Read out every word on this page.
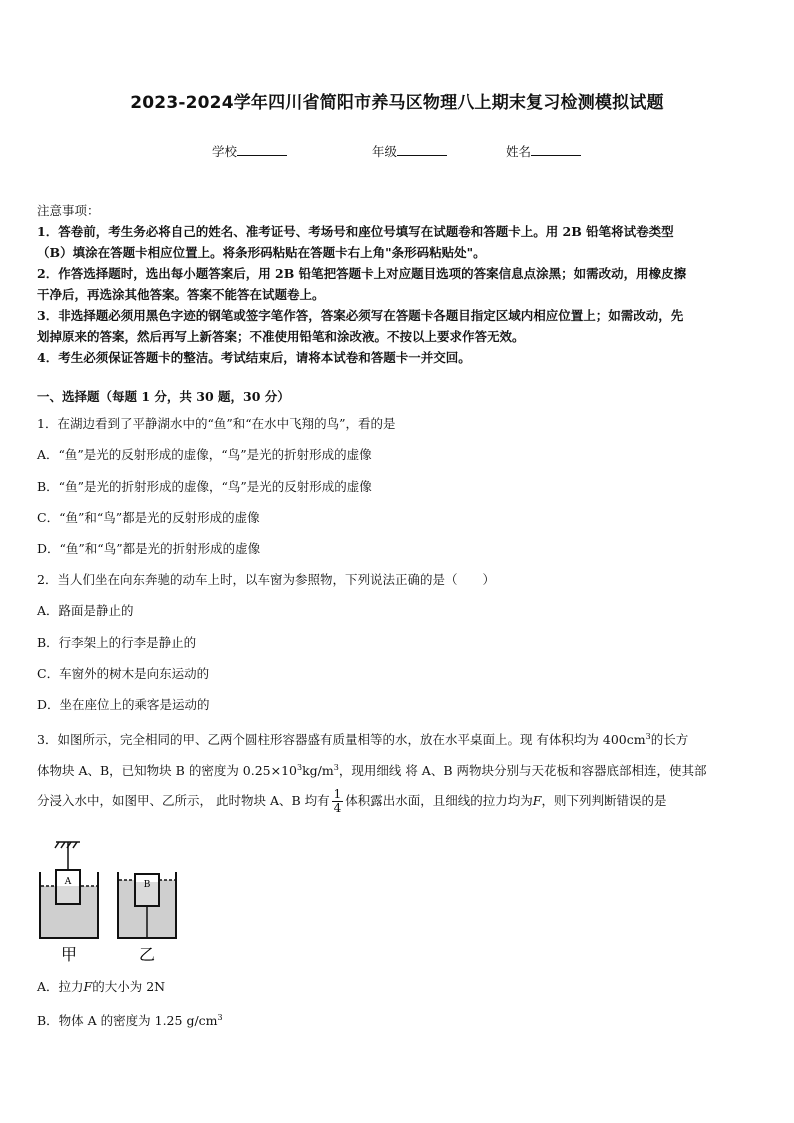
2023-2024学年四川省简阳市养马区物理八上期末复习检测模拟试题
学校	年级	姓名
注意事项：
1．答卷前，考生务必将自己的姓名、准考证号、考场号和座位号填写在试题卷和答题卡上。用 2B 铅笔将试卷类型
（B）填涂在答题卡相应位置上。将条形码粘贴在答题卡右上角"条形码粘贴处"。
2．作答选择题时，选出每小题答案后，用 2B 铅笔把答题卡上对应题目选项的答案信息点涂黑；如需改动，用橡皮擦
干净后，再选涂其他答案。答案不能答在试题卷上。
3．非选择题必须用黑色字迹的钢笔或签字笔作答，答案必须写在答题卡各题目指定区域内相应位置上；如需改动，先
划掉原来的答案，然后再写上新答案；不准使用铅笔和涂改液。不按以上要求作答无效。
4．考生必须保证答题卡的整洁。考试结束后，请将本试卷和答题卡一并交回。
一、选择题（每题 1 分，共 30 题，30 分）
1．在湖边看到了平静湖水中的“鱼”和“在水中飞翔的鸟”，看的是
A．“鱼”是光的反射形成的虚像，“鸟”是光的折射形成的虚像
B．“鱼”是光的折射形成的虚像，“鸟”是光的反射形成的虚像
C．“鱼”和“鸟”都是光的反射形成的虚像
D．“鱼”和“鸟”都是光的折射形成的虚像
2．当人们坐在向东奔驰的动车上时，以车窗为参照物，下列说法正确的是（　　）
A．路面是静止的
B．行李架上的行李是静止的
C．车窗外的树木是向东运动的
D．坐在座位上的乘客是运动的
3．如图所示，完全相同的甲、乙两个圆柱形容器盛有质量相等的水，放在水平桌面上。现 有体积均为 $400cm^3$的长方
体物块 A、B，已知物块 B 的密度为 $0.25\times 10^3kg/m^3$，现用细线 将 A、B 两物块分别与天花板和容器底部相连，使其部
分浸入水中，如图甲、乙所示， 此时物块 A、B 均有 $\frac{1}{4}$ 体积露出水面，且细线的拉力均为F，则下列判断错误的是
A	B
甲	乙
A．拉力F的大小为 2N
B．物体 A 的密度为 1.25 $g/cm^3$
